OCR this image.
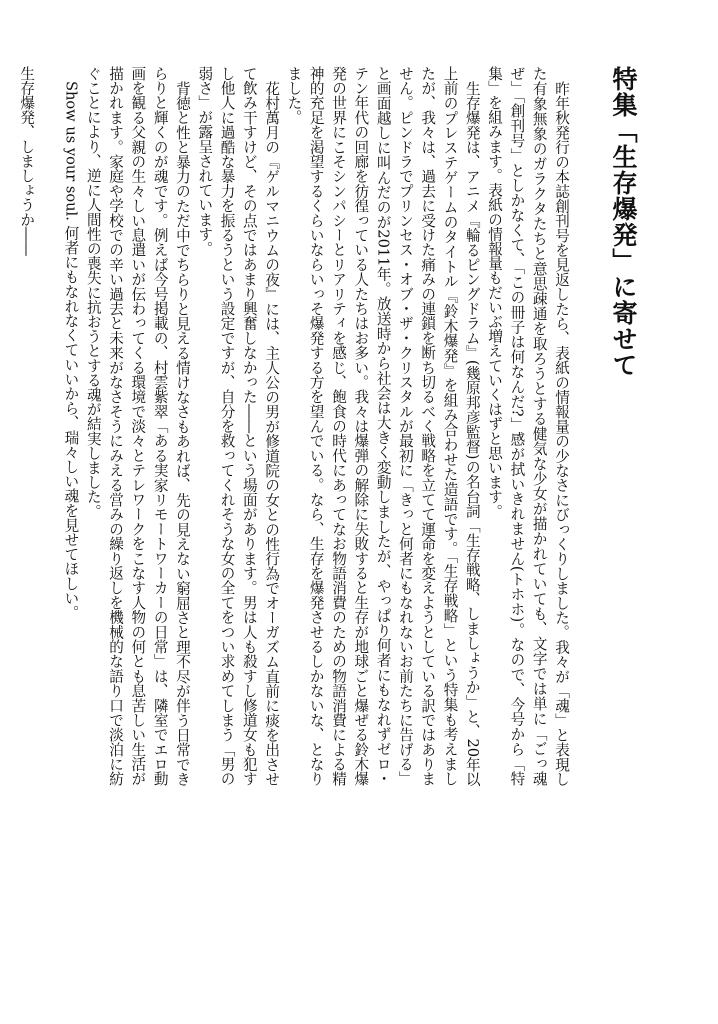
特集「生存爆発」に寄せて

昨年秋発行の本誌創刊号を見返したら、表紙の情報量の少なさにびっくりしました。我々が「魂」と表現した有象無象のガラクタたちと意思疎通を取ろうとする健気な少女が描かれていても、文字では単に「ごっ魂ぜ」「創刊号」としかなくて、「この冊子は何なんだ?」感が拭いきれません(トホホ)。なので、今号から「特集」を組みます。表紙の情報量もだいぶ増えていくはずと思います。

生存爆発は、アニメ『輪るピングドラム』(幾原邦彦監督)の名台詞「生存戦略、しましょうか」と、20年以上前のプレステゲームのタイトル『鈴木爆発』を組み合わせた造語です。「生存戦略」という特集も考えましたが、我々は、過去に受けた痛みの連鎖を断ち切るべく戦略を立てて運命を変えようとしている訳ではありません。ピンドラでプリンセス・オブ・ザ・クリスタルが最初に「きっと何者にもなれないお前たちに告げる」と画面越しに叫んだのが2011年。放送時から社会は大きく変動しましたが、やっぱり何者にもなれずゼロ・テン年代の回廊を彷徨っている人たちはお多い。我々は爆弾の解除に失敗すると生存が地球ごと爆ぜる鈴木爆発の世界にこそシンパシーとリアリティを感じ、飽食の時代にあってなお物語消費のための物語消費による精神的充足を渇望するくらいならいっそ爆発する方を望んでいる。なら、生存を爆発させるしかないな、となりました。

花村萬月の『ゲルマニウムの夜』には、主人公の男が修道院の女との性行為でオーガズム直前に痰を出させて飲み干すけど、その点ではあまり興奮しなかった――という場面があります。男は人も殺すし修道女も犯すし他人に過酷な暴力を振るうという設定ですが、自分を救ってくれそうな女の全てをつい求めてしまう「男の弱さ」が露呈されています。

背徳と性と暴力のただ中でちらりと見える情けなさもあれば、先の見えない窮屈さと理不尽が伴う日常できらりと輝くのが魂です。例えば今号掲載の、村雲紫翠「ある実家リモートワーカーの日常」は、隣室でエロ動画を観る父親の生々しい息遣いが伝わってくる環境で淡々とテレワークをこなす人物の何とも息苦しい生活が描かれます。家庭や学校での辛い過去と未来がなさそうにみえる営みの繰り返しを機械的な語り口で淡泊に紡ぐことにより、逆に人間性の喪失に抗おうとする魂が結実しました。

Show us your soul. 何者にもなれなくていいから、瑞々しい魂を見せてほしい。

生存爆発、しましょうか――
